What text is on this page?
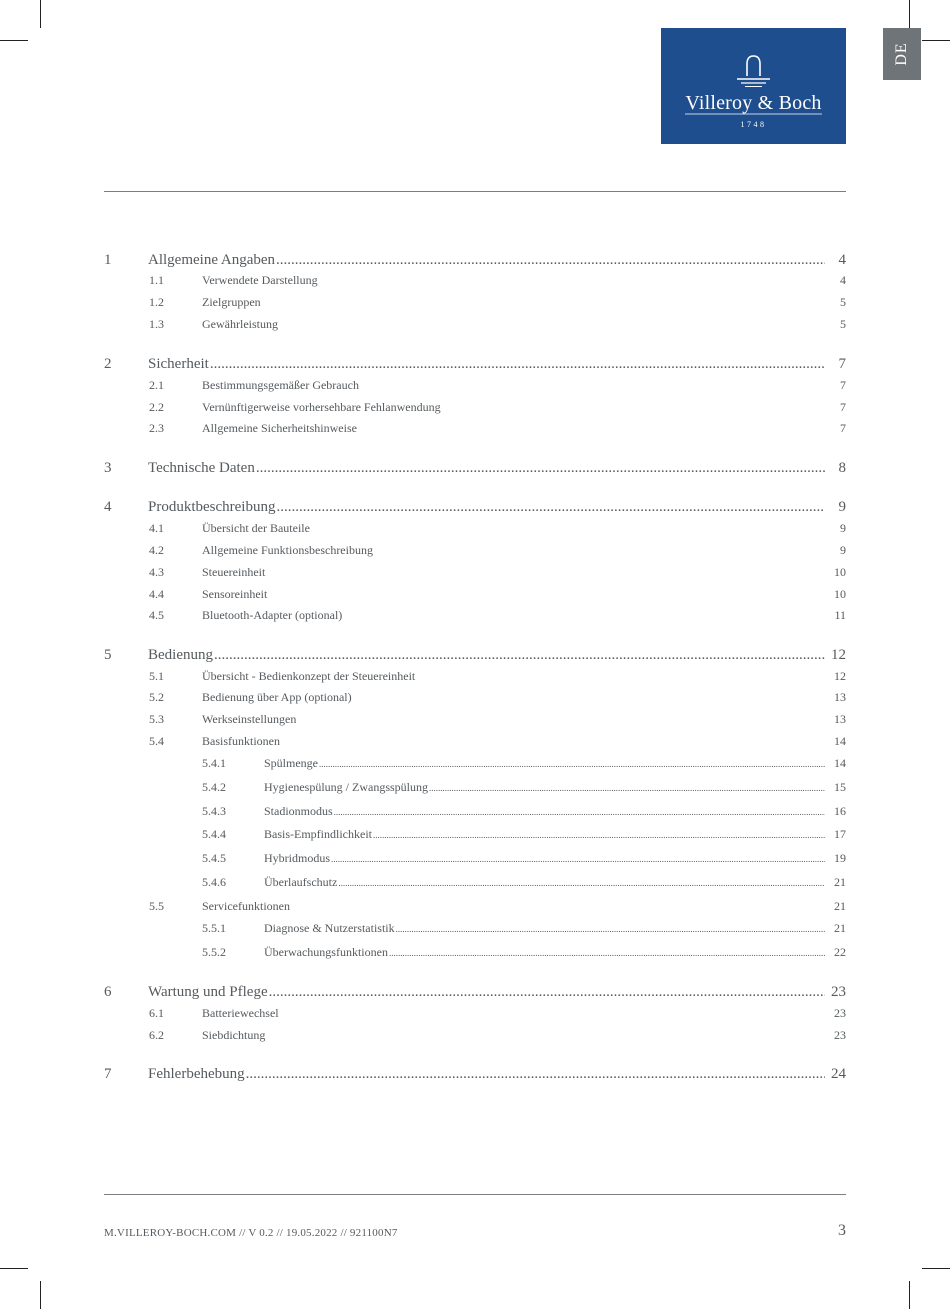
Villeroy & Boch
1748
DE
1 Allgemeine Angaben .....	4
1.1	Verwendete Darstellung	4
1.2	Zielgruppen	5
1.3	Gewährleistung	5
2 Sicherheit .....	7
2.1	Bestimmungsgemäßer Gebrauch	7
2.2	Vernünftigerweise vorhersehbare Fehlanwendung	7
2.3	Allgemeine Sicherheitshinweise	7
3 Technische Daten .....	8
4 Produktbeschreibung .....	9
4.1	Übersicht der Bauteile	9
4.2	Allgemeine Funktionsbeschreibung	9
4.3	Steuereinheit	10
4.4	Sensoreinheit	10
4.5	Bluetooth-Adapter (optional)	11
5 Bedienung .....	12
5.1	Übersicht - Bedienkonzept der Steuereinheit	12
5.2	Bedienung über App (optional)	13
5.3	Werkseinstellungen	13
5.4	Basisfunktionen	14
5.4.1	Spülmenge .....	14
5.4.2	Hygienespülung / Zwangsspülung .....	15
5.4.3	Stadionmodus .....	16
5.4.4	Basis-Empfindlichkeit .....	17
5.4.5	Hybridmodus .....	19
5.4.6	Überlaufschutz .....	21
5.5	Servicefunktionen	21
5.5.1	Diagnose & Nutzerstatistik .....	21
5.5.2	Überwachungsfunktionen .....	22
6 Wartung und Pflege .....	23
6.1	Batteriewechsel	23
6.2	Siebdichtung	23
7 Fehlerbehebung .....	24
M.VILLEROY-BOCH.COM // V 0.2 // 19.05.2022 // 921100N7	3
